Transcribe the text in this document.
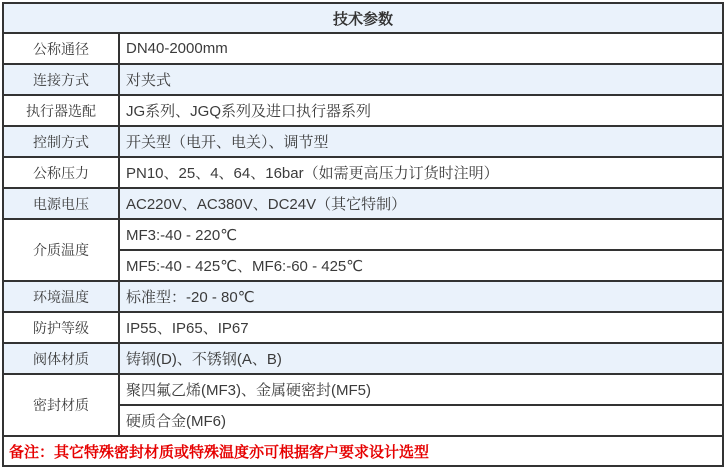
技术参数	
公称通径	DN40-2000mm
连接方式	对夹式
执行器选配	JG系列、JGQ系列及进口执行器系列
控制方式	开关型（电开、电关）、调节型
公称压力	PN10、25、4、64、16bar（如需更高压力订货时注明）
电源电压	AC220V、AC380V、DC24V（其它特制）
介质温度	MF3:-40 - 220℃
	MF5:-40 - 425℃、MF6:-60 - 425℃
环境温度	标准型：-20 - 80℃
防护等级	IP55、IP65、IP67
阀体材质	铸钢(D)、不锈钢(A、B)
密封材质	聚四氟乙烯(MF3)、金属硬密封(MF5)
	硬质合金(MF6)
备注：其它特殊密封材质或特殊温度亦可根据客户要求设计选型	
